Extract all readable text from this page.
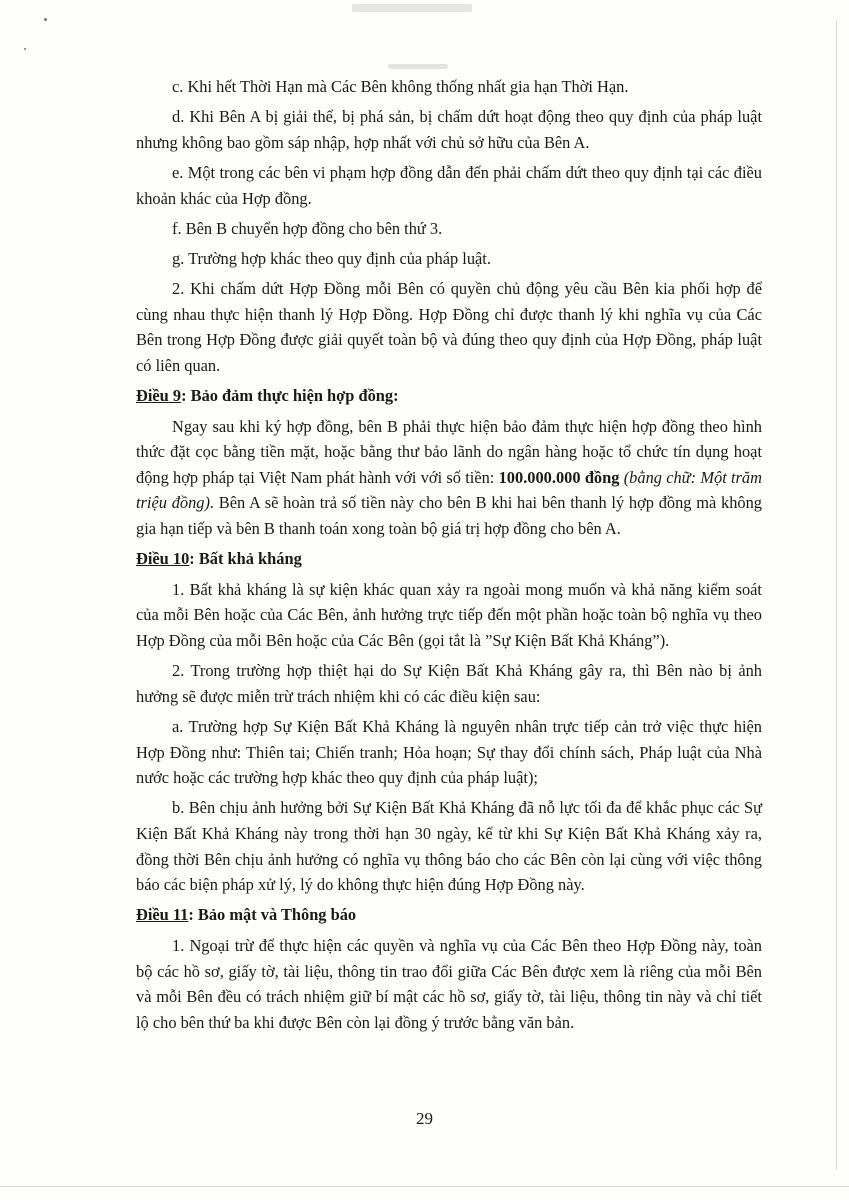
c. Khi hết Thời Hạn mà Các Bên không thống nhất gia hạn Thời Hạn.

d. Khi Bên A bị giải thể, bị phá sản, bị chấm dứt hoạt động theo quy định của pháp luật nhưng không bao gồm sáp nhập, hợp nhất với chủ sở hữu của Bên A.

e. Một trong các bên vi phạm hợp đồng dẫn đến phải chấm dứt theo quy định tại các điều khoản khác của Hợp đồng.

f. Bên B chuyển hợp đồng cho bên thứ 3.

g. Trường hợp khác theo quy định của pháp luật.

2. Khi chấm dứt Hợp Đồng mỗi Bên có quyền chủ động yêu cầu Bên kia phối hợp để cùng nhau thực hiện thanh lý Hợp Đồng. Hợp Đồng chỉ được thanh lý khi nghĩa vụ của Các Bên trong Hợp Đồng được giải quyết toàn bộ và đúng theo quy định của Hợp Đồng, pháp luật có liên quan.

Điều 9: Bảo đảm thực hiện hợp đồng:

Ngay sau khi ký hợp đồng, bên B phải thực hiện bảo đảm thực hiện hợp đồng theo hình thức đặt cọc bằng tiền mặt, hoặc bằng thư bảo lãnh do ngân hàng hoặc tổ chức tín dụng hoạt động hợp pháp tại Việt Nam phát hành với với số tiền: 100.000.000 đồng (bằng chữ: Một trăm triệu đồng). Bên A sẽ hoàn trả số tiền này cho bên B khi hai bên thanh lý hợp đồng mà không gia hạn tiếp và bên B thanh toán xong toàn bộ giá trị hợp đồng cho bên A.

Điều 10: Bất khả kháng

1. Bất khả kháng là sự kiện khác quan xảy ra ngoài mong muốn và khả năng kiểm soát của mỗi Bên hoặc của Các Bên, ảnh hưởng trực tiếp đến một phần hoặc toàn bộ nghĩa vụ theo Hợp Đồng của mỗi Bên hoặc của Các Bên (gọi tắt là ”Sự Kiện Bất Khả Kháng”).

2. Trong trường hợp thiệt hại do Sự Kiện Bất Khả Kháng gây ra, thì Bên nào bị ảnh hưởng sẽ được miễn trừ trách nhiệm khi có các điều kiện sau:

a. Trường hợp Sự Kiện Bất Khả Kháng là nguyên nhân trực tiếp cản trở việc thực hiện Hợp Đồng như: Thiên tai; Chiến tranh; Hỏa hoạn; Sự thay đổi chính sách, Pháp luật của Nhà nước hoặc các trường hợp khác theo quy định của pháp luật);

b. Bên chịu ảnh hưởng bởi Sự Kiện Bất Khả Kháng đã nỗ lực tối đa để khắc phục các Sự Kiện Bất Khả Kháng này trong thời hạn 30 ngày, kể từ khi Sự Kiện Bất Khả Kháng xảy ra, đồng thời Bên chịu ảnh hưởng có nghĩa vụ thông báo cho các Bên còn lại cùng với việc thông báo các biện pháp xử lý, lý do không thực hiện đúng Hợp Đồng này.

Điều 11: Bảo mật và Thông báo

1. Ngoại trừ để thực hiện các quyền và nghĩa vụ của Các Bên theo Hợp Đồng này, toàn bộ các hồ sơ, giấy tờ, tài liệu, thông tin trao đổi giữa Các Bên được xem là riêng của mỗi Bên và mỗi Bên đều có trách nhiệm giữ bí mật các hồ sơ, giấy tờ, tài liệu, thông tin này và chỉ tiết lộ cho bên thứ ba khi được Bên còn lại đồng ý trước bằng văn bản.

29
